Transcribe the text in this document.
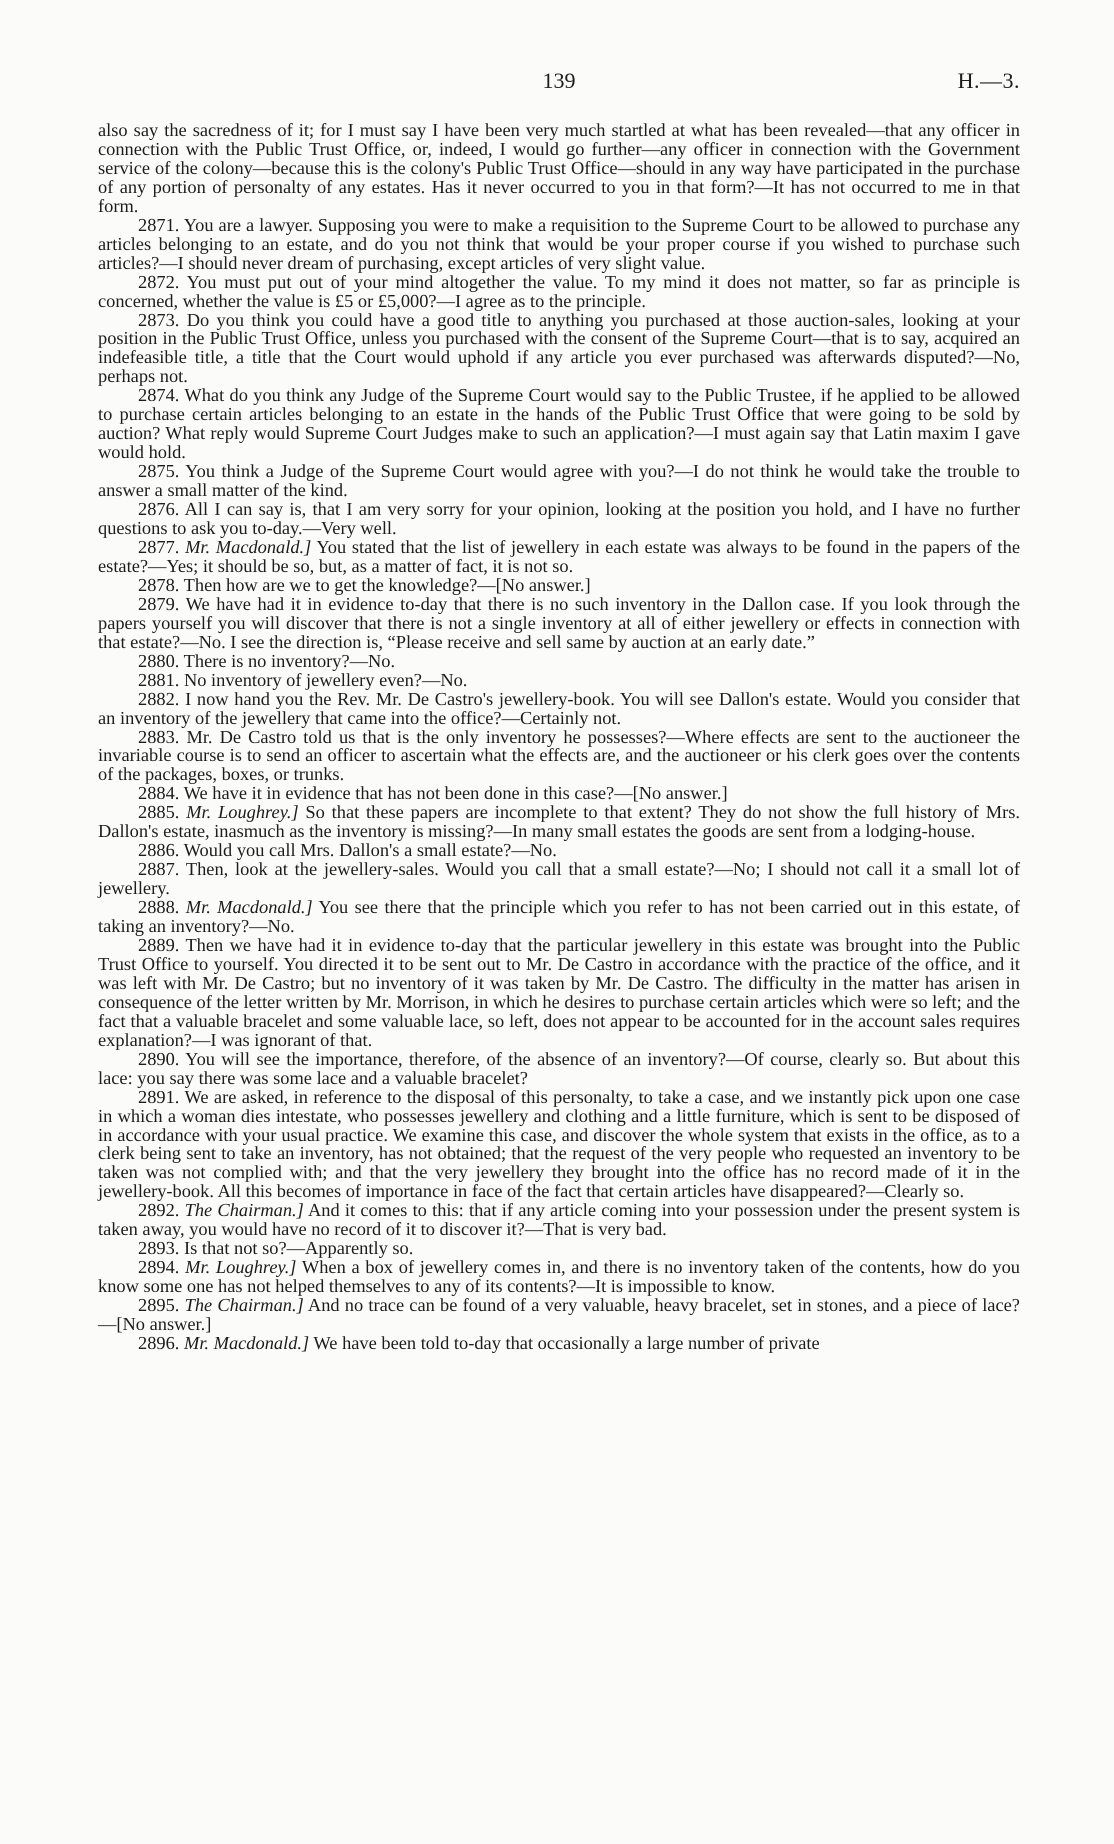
139	H.—3.

also say the sacredness of it; for I must say I have been very much startled at what has been revealed—that any officer in connection with the Public Trust Office, or, indeed, I would go further—any officer in connection with the Government service of the colony—because this is the colony's Public Trust Office—should in any way have participated in the purchase of any portion of personalty of any estates. Has it never occurred to you in that form?—It has not occurred to me in that form.

2871. You are a lawyer. Supposing you were to make a requisition to the Supreme Court to be allowed to purchase any articles belonging to an estate, and do you not think that would be your proper course if you wished to purchase such articles?—I should never dream of purchasing, except articles of very slight value.

2872. You must put out of your mind altogether the value. To my mind it does not matter, so far as principle is concerned, whether the value is £5 or £5,000?—I agree as to the principle.

2873. Do you think you could have a good title to anything you purchased at those auction-sales, looking at your position in the Public Trust Office, unless you purchased with the consent of the Supreme Court—that is to say, acquired an indefeasible title, a title that the Court would uphold if any article you ever purchased was afterwards disputed?—No, perhaps not.

2874. What do you think any Judge of the Supreme Court would say to the Public Trustee, if he applied to be allowed to purchase certain articles belonging to an estate in the hands of the Public Trust Office that were going to be sold by auction? What reply would Supreme Court Judges make to such an application?—I must again say that Latin maxim I gave would hold.

2875. You think a Judge of the Supreme Court would agree with you?—I do not think he would take the trouble to answer a small matter of the kind.

2876. All I can say is, that I am very sorry for your opinion, looking at the position you hold, and I have no further questions to ask you to-day.—Very well.

2877. Mr. Macdonald.] You stated that the list of jewellery in each estate was always to be found in the papers of the estate?—Yes; it should be so, but, as a matter of fact, it is not so.

2878. Then how are we to get the knowledge?—[No answer.]

2879. We have had it in evidence to-day that there is no such inventory in the Dallon case. If you look through the papers yourself you will discover that there is not a single inventory at all of either jewellery or effects in connection with that estate?—No. I see the direction is, “Please receive and sell same by auction at an early date.”

2880. There is no inventory?—No.

2881. No inventory of jewellery even?—No.

2882. I now hand you the Rev. Mr. De Castro's jewellery-book. You will see Dallon's estate. Would you consider that an inventory of the jewellery that came into the office?—Certainly not.

2883. Mr. De Castro told us that is the only inventory he possesses?—Where effects are sent to the auctioneer the invariable course is to send an officer to ascertain what the effects are, and the auctioneer or his clerk goes over the contents of the packages, boxes, or trunks.

2884. We have it in evidence that has not been done in this case?—[No answer.]

2885. Mr. Loughrey.] So that these papers are incomplete to that extent? They do not show the full history of Mrs. Dallon's estate, inasmuch as the inventory is missing?—In many small estates the goods are sent from a lodging-house.

2886. Would you call Mrs. Dallon's a small estate?—No.

2887. Then, look at the jewellery-sales. Would you call that a small estate?—No; I should not call it a small lot of jewellery.

2888. Mr. Macdonald.] You see there that the principle which you refer to has not been carried out in this estate, of taking an inventory?—No.

2889. Then we have had it in evidence to-day that the particular jewellery in this estate was brought into the Public Trust Office to yourself. You directed it to be sent out to Mr. De Castro in accordance with the practice of the office, and it was left with Mr. De Castro; but no inventory of it was taken by Mr. De Castro. The difficulty in the matter has arisen in consequence of the letter written by Mr. Morrison, in which he desires to purchase certain articles which were so left; and the fact that a valuable bracelet and some valuable lace, so left, does not appear to be accounted for in the account sales requires explanation?—I was ignorant of that.

2890. You will see the importance, therefore, of the absence of an inventory?—Of course, clearly so. But about this lace: you say there was some lace and a valuable bracelet?

2891. We are asked, in reference to the disposal of this personalty, to take a case, and we instantly pick upon one case in which a woman dies intestate, who possesses jewellery and clothing and a little furniture, which is sent to be disposed of in accordance with your usual practice. We examine this case, and discover the whole system that exists in the office, as to a clerk being sent to take an inventory, has not obtained; that the request of the very people who requested an inventory to be taken was not complied with; and that the very jewellery they brought into the office has no record made of it in the jewellery-book. All this becomes of importance in face of the fact that certain articles have disappeared?—Clearly so.

2892. The Chairman.] And it comes to this: that if any article coming into your possession under the present system is taken away, you would have no record of it to discover it?—That is very bad.

2893. Is that not so?—Apparently so.

2894. Mr. Loughrey.] When a box of jewellery comes in, and there is no inventory taken of the contents, how do you know some one has not helped themselves to any of its contents?—It is impossible to know.

2895. The Chairman.] And no trace can be found of a very valuable, heavy bracelet, set in stones, and a piece of lace?—[No answer.]

2896. Mr. Macdonald.] We have been told to-day that occasionally a large number of private
